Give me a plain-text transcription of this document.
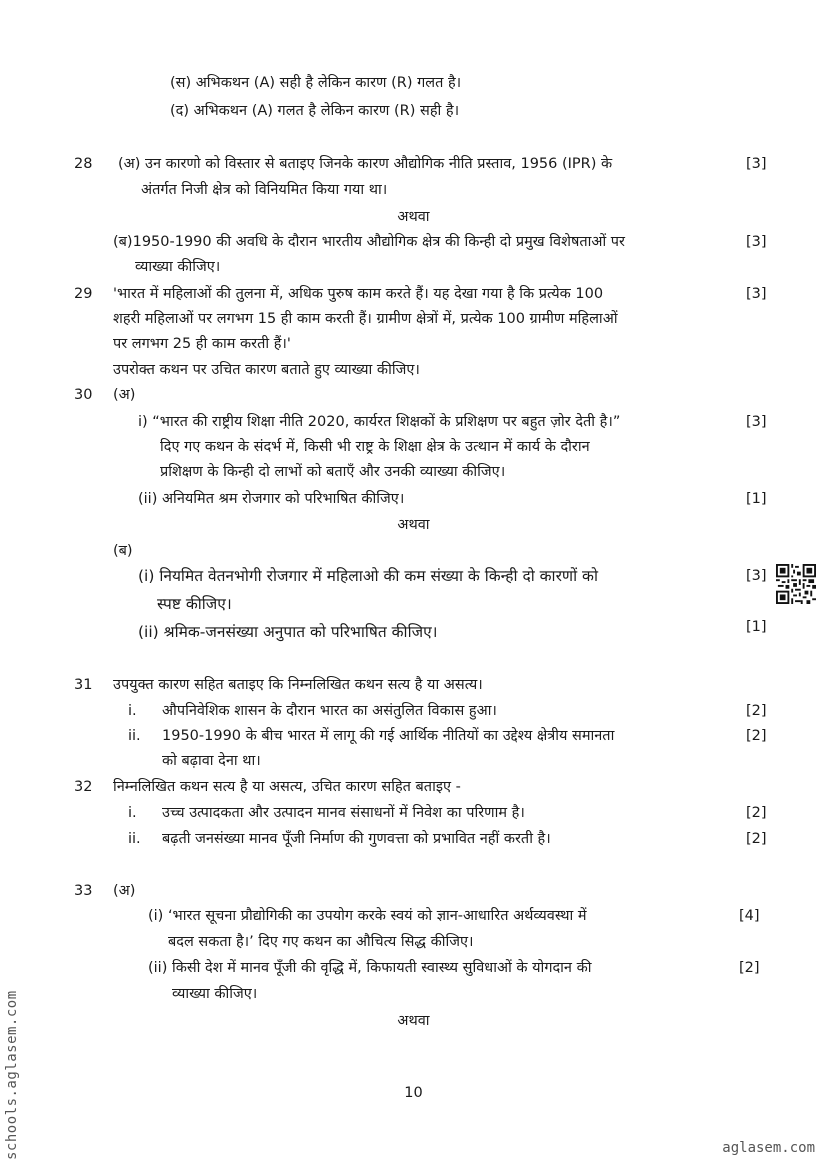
(स) अभिकथन (A) सही है लेकिन कारण (R) गलत है।
(द) अभिकथन (A) गलत है लेकिन कारण (R) सही है।
28 (अ) उन कारणो को विस्तार से बताइए जिनके कारण औद्योगिक नीति प्रस्ताव, 1956 (IPR) के
अंतर्गत निजी क्षेत्र को विनियमित किया गया था।
[3]
अथवा
(ब)1950-1990 की अवधि के दौरान भारतीय औद्योगिक क्षेत्र की किन्ही दो प्रमुख विशेषताओं पर
व्याख्या कीजिए।
[3]
29 'भारत में महिलाओं की तुलना में, अधिक पुरुष काम करते हैं। यह देखा गया है कि प्रत्येक 100
शहरी महिलाओं पर लगभग 15 ही काम करती हैं। ग्रामीण क्षेत्रों में, प्रत्येक 100 ग्रामीण महिलाओं
पर लगभग 25 ही काम करती हैं।'
उपरोक्त कथन पर उचित कारण बताते हुए व्याख्या कीजिए।
[3]
30 (अ)
i) “भारत की राष्ट्रीय शिक्षा नीति 2020, कार्यरत शिक्षकों के प्रशिक्षण पर बहुत ज़ोर देती है।”
दिए गए कथन के संदर्भ में, किसी भी राष्ट्र के शिक्षा क्षेत्र के उत्थान में कार्य के दौरान
प्रशिक्षण के किन्ही दो लाभों को बताएँ और उनकी व्याख्या कीजिए।
[3]
(ii) अनियमित श्रम रोजगार को परिभाषित कीजिए।	[1]
अथवा
(ब)
(i) नियमित वेतनभोगी रोजगार में महिलाओ की कम संख्या के किन्ही दो कारणों को
स्पष्ट कीजिए।
[3]
(ii) श्रमिक-जनसंख्या अनुपात को परिभाषित कीजिए।	[1]
31 उपयुक्त कारण सहित बताइए कि निम्नलिखित कथन सत्य है या असत्य।
i. औपनिवेशिक शासन के दौरान भारत का असंतुलित विकास हुआ।	[2]
ii. 1950-1990 के बीच भारत में लागू की गई आर्थिक नीतियों का उद्देश्य क्षेत्रीय समानता
को बढ़ावा देना था।
[2]
32 निम्नलिखित कथन सत्य है या असत्य, उचित कारण सहित बताइए -
i. उच्च उत्पादकता और उत्पादन मानव संसाधनों में निवेश का परिणाम है।	[2]
ii. बढ़ती जनसंख्या मानव पूँजी निर्माण की गुणवत्ता को प्रभावित नहीं करती है।	[2]
33 (अ)
(i) ‘भारत सूचना प्रौद्योगिकी का उपयोग करके स्वयं को ज्ञान-आधारित अर्थव्यवस्था में
बदल सकता है।’ दिए गए कथन का औचित्य सिद्ध कीजिए।
[4]
(ii) किसी देश में मानव पूँजी की वृद्धि में, किफायती स्वास्थ्य सुविधाओं के योगदान की
व्याख्या कीजिए।
[2]
अथवा
10
schools.aglasem.com	aglasem.com
